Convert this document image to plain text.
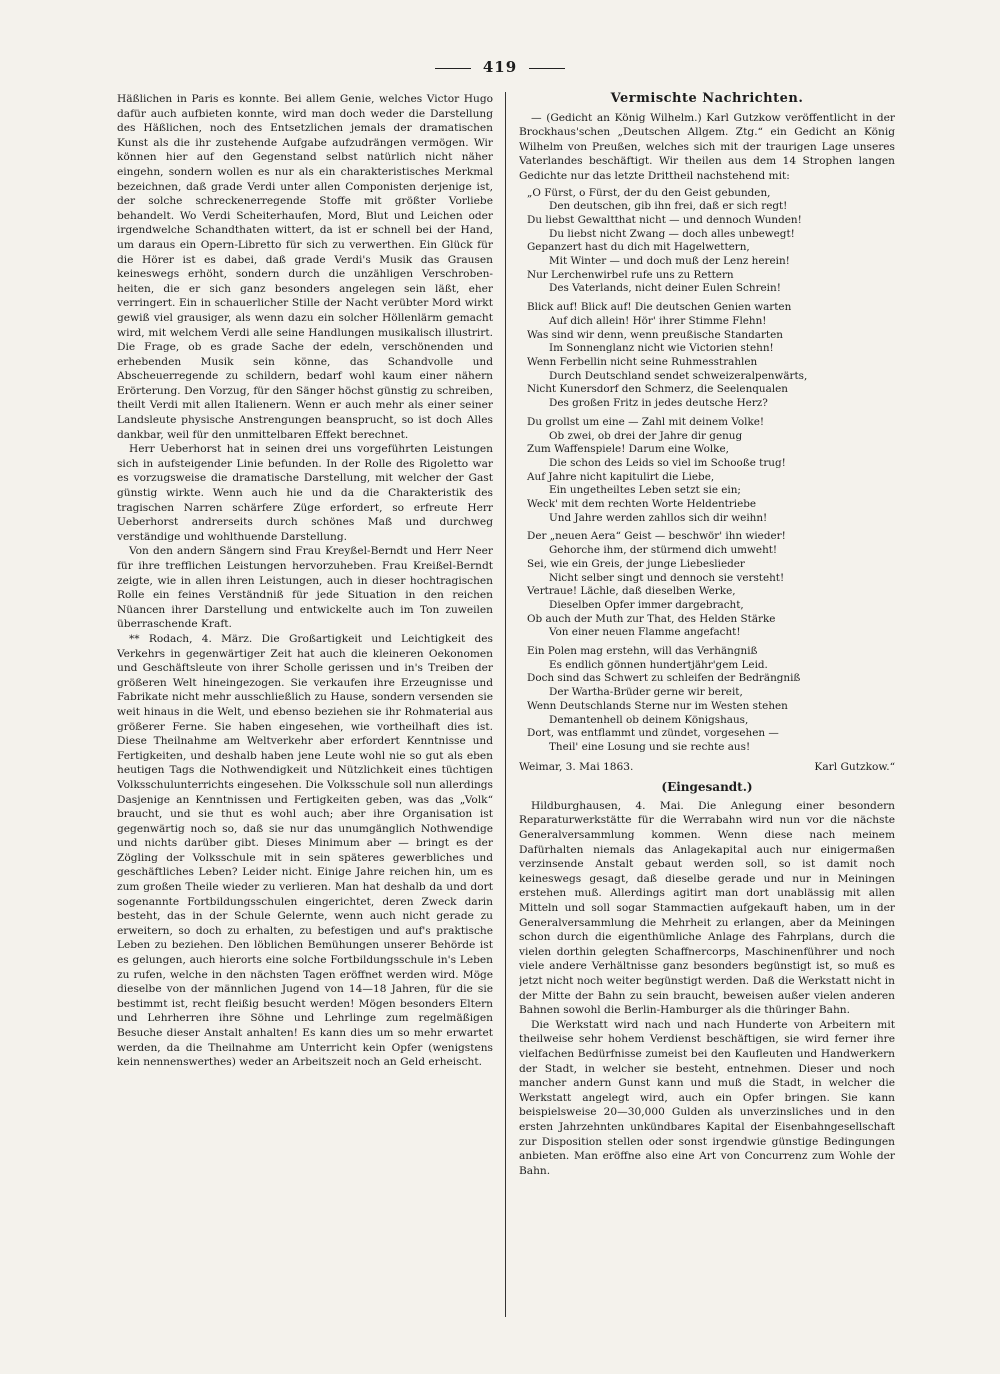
419

Häßlichen in Paris es konnte. Bei allem Genie, welches Victor Hugo dafür auch aufbieten konnte, wird man doch weder die Darstellung des Häßlichen, noch des Entsetzlichen jemals der dramatischen Kunst als die ihr zustehende Aufgabe aufzudrängen vermögen. Wir können hier auf den Gegenstand selbst natürlich nicht näher eingehn, sondern wollen es nur als ein charakteristisches Merkmal bezeichnen, daß grade Verdi unter allen Componisten derjenige ist, der solche schreckenerregende Stoffe mit größter Vorliebe behandelt. Wo Verdi Scheiterhaufen, Mord, Blut und Leichen oder irgendwelche Schandthaten wittert, da ist er schnell bei der Hand, um daraus ein Opern-Libretto für sich zu verwerthen. Ein Glück für die Hörer ist es dabei, daß grade Verdi's Musik das Grausen keineswegs erhöht, sondern durch die unzähligen Verschroben-heiten, die er sich ganz besonders angelegen sein läßt, eher verringert. Ein in schauerlicher Stille der Nacht verübter Mord wirkt gewiß viel grausiger, als wenn dazu ein solcher Höllenlärm gemacht wird, mit welchem Verdi alle seine Handlungen musikalisch illustrirt. Die Frage, ob es grade Sache der edeln, verschönenden und erhebenden Musik sein könne, das Schandvolle und Abscheuerregende zu schildern, bedarf wohl kaum einer nähern Erörterung. Den Vorzug, für den Sänger höchst günstig zu schreiben, theilt Verdi mit allen Italienern. Wenn er auch mehr als einer seiner Landsleute physische Anstrengungen beansprucht, so ist doch Alles dankbar, weil für den unmittelbaren Effekt berechnet.

Herr Ueberhorst hat in seinen drei uns vorgeführten Leistungen sich in aufsteigender Linie befunden. In der Rolle des Rigoletto war es vorzugsweise die dramatische Darstellung, mit welcher der Gast günstig wirkte. Wenn auch hie und da die Charakteristik des tragischen Narren schärfere Züge erfordert, so erfreute Herr Ueberhorst andrerseits durch schönes Maß und durchweg verständige und wohlthuende Darstellung.

Von den andern Sängern sind Frau Kreyßel-Berndt und Herr Neer für ihre trefflichen Leistungen hervorzuheben. Frau Kreißel-Berndt zeigte, wie in allen ihren Leistungen, auch in dieser hochtragischen Rolle ein feines Verständniß für jede Situation in den reichen Nüancen ihrer Darstellung und entwickelte auch im Ton zuweilen überraschende Kraft.

** Rodach, 4. März. Die Großartigkeit und Leichtigkeit des Verkehrs in gegenwärtiger Zeit hat auch die kleineren Oekonomen und Geschäftsleute von ihrer Scholle gerissen und in's Treiben der größeren Welt hineingezogen. Sie verkaufen ihre Erzeugnisse und Fabrikate nicht mehr ausschließlich zu Hause, sondern versenden sie weit hinaus in die Welt, und ebenso beziehen sie ihr Rohmaterial aus größerer Ferne. Sie haben eingesehen, wie vortheilhaft dies ist. Diese Theilnahme am Weltverkehr aber erfordert Kenntnisse und Fertigkeiten, und deshalb haben jene Leute wohl nie so gut als eben heutigen Tags die Nothwendigkeit und Nützlichkeit eines tüchtigen Volksschulunterrichts eingesehen. Die Volksschule soll nun allerdings Dasjenige an Kenntnissen und Fertigkeiten geben, was das „Volk“ braucht, und sie thut es wohl auch; aber ihre Organisation ist gegenwärtig noch so, daß sie nur das unumgänglich Nothwendige und nichts darüber gibt. Dieses Minimum aber — bringt es der Zögling der Volksschule mit in sein späteres gewerbliches und geschäftliches Leben? Leider nicht. Einige Jahre reichen hin, um es zum großen Theile wieder zu verlieren. Man hat deshalb da und dort sogenannte Fortbildungsschulen eingerichtet, deren Zweck darin besteht, das in der Schule Gelernte, wenn auch nicht gerade zu erweitern, so doch zu erhalten, zu befestigen und auf's praktische Leben zu beziehen. Den löblichen Bemühungen unserer Behörde ist es gelungen, auch hierorts eine solche Fortbildungsschule in's Leben zu rufen, welche in den nächsten Tagen eröffnet werden wird. Möge dieselbe von der männlichen Jugend von 14—18 Jahren, für die sie bestimmt ist, recht fleißig besucht werden! Mögen besonders Eltern und Lehrherren ihre Söhne und Lehrlinge zum regelmäßigen Besuche dieser Anstalt anhalten! Es kann dies um so mehr erwartet werden, da die Theilnahme am Unterricht kein Opfer (wenigstens kein nennenswerthes) weder an Arbeitszeit noch an Geld erheischt.

Vermischte Nachrichten.

— (Gedicht an König Wilhelm.) Karl Gutzkow veröffentlicht in der Brockhaus'schen „Deutschen Allgem. Ztg.“ ein Gedicht an König Wilhelm von Preußen, welches sich mit der traurigen Lage unseres Vaterlandes beschäftigt. Wir theilen aus dem 14 Strophen langen Gedichte nur das letzte Drittheil nachstehend mit:

„O Fürst, o Fürst, der du den Geist gebunden,
Den deutschen, gib ihn frei, daß er sich regt!
Du liebst Gewaltthat nicht — und dennoch Wunden!
Du liebst nicht Zwang — doch alles unbewegt!
Gepanzert hast du dich mit Hagelwettern,
Mit Winter — und doch muß der Lenz herein!
Nur Lerchenwirbel rufe uns zu Rettern
Des Vaterlands, nicht deiner Eulen Schrein!
Blick auf! Blick auf! Die deutschen Genien warten
Auf dich allein! Hör' ihrer Stimme Flehn!
Was sind wir denn, wenn preußische Standarten
Im Sonnenglanz nicht wie Victorien stehn!
Wenn Ferbellin nicht seine Ruhmesstrahlen
Durch Deutschland sendet schweizeralpenwärts,
Nicht Kunersdorf den Schmerz, die Seelenqualen
Des großen Fritz in jedes deutsche Herz?
Du grollst um eine — Zahl mit deinem Volke!
Ob zwei, ob drei der Jahre dir genug
Zum Waffenspiele! Darum eine Wolke,
Die schon des Leids so viel im Schooße trug!
Auf Jahre nicht kapitulirt die Liebe,
Ein ungetheiltes Leben setzt sie ein;
Weck' mit dem rechten Worte Heldentriebe
Und Jahre werden zahllos sich dir weihn!
Der „neuen Aera“ Geist — beschwör' ihn wieder!
Gehorche ihm, der stürmend dich umweht!
Sei, wie ein Greis, der junge Liebeslieder
Nicht selber singt und dennoch sie versteht!
Vertraue! Lächle, daß dieselben Werke,
Dieselben Opfer immer dargebracht,
Ob auch der Muth zur That, des Helden Stärke
Von einer neuen Flamme angefacht!
Ein Polen mag erstehn, will das Verhängniß
Es endlich gönnen hundertjähr'gem Leid.
Doch sind das Schwert zu schleifen der Bedrängniß
Der Wartha-Brüder gerne wir bereit,
Wenn Deutschlands Sterne nur im Westen stehen
Demantenhell ob deinem Königshaus,
Dort, was entflammt und zündet, vorgesehen —
Theil' eine Losung und sie rechte aus!
Weimar, 3. Mai 1863.	Karl Gutzkow.“
(Eingesandt.)

Hildburghausen, 4. Mai. Die Anlegung einer besondern Reparaturwerkstätte für die Werrabahn wird nun vor die nächste Generalversammlung kommen. Wenn diese nach meinem Dafürhalten niemals das Anlagekapital auch nur einigermaßen verzinsende Anstalt gebaut werden soll, so ist damit noch keineswegs gesagt, daß dieselbe gerade und nur in Meiningen erstehen muß. Allerdings agitirt man dort unablässig mit allen Mitteln und soll sogar Stammactien aufgekauft haben, um in der Generalversammlung die Mehrheit zu erlangen, aber da Meiningen schon durch die eigenthümliche Anlage des Fahrplans, durch die vielen dorthin gelegten Schaffnercorps, Maschinenführer und noch viele andere Verhältnisse ganz besonders begünstigt ist, so muß es jetzt nicht noch weiter begünstigt werden. Daß die Werkstatt nicht in der Mitte der Bahn zu sein braucht, beweisen außer vielen anderen Bahnen sowohl die Berlin-Hamburger als die thüringer Bahn.

Die Werkstatt wird nach und nach Hunderte von Arbeitern mit theilweise sehr hohem Verdienst beschäftigen, sie wird ferner ihre vielfachen Bedürfnisse zumeist bei den Kaufleuten und Handwerkern der Stadt, in welcher sie besteht, entnehmen. Dieser und noch mancher andern Gunst kann und muß die Stadt, in welcher die Werkstatt angelegt wird, auch ein Opfer bringen. Sie kann beispielsweise 20—30,000 Gulden als unverzinsliches und in den ersten Jahrzehnten unkündbares Kapital der Eisenbahngesellschaft zur Disposition stellen oder sonst irgendwie günstige Bedingungen anbieten. Man eröffne also eine Art von Concurrenz zum Wohle der Bahn.
